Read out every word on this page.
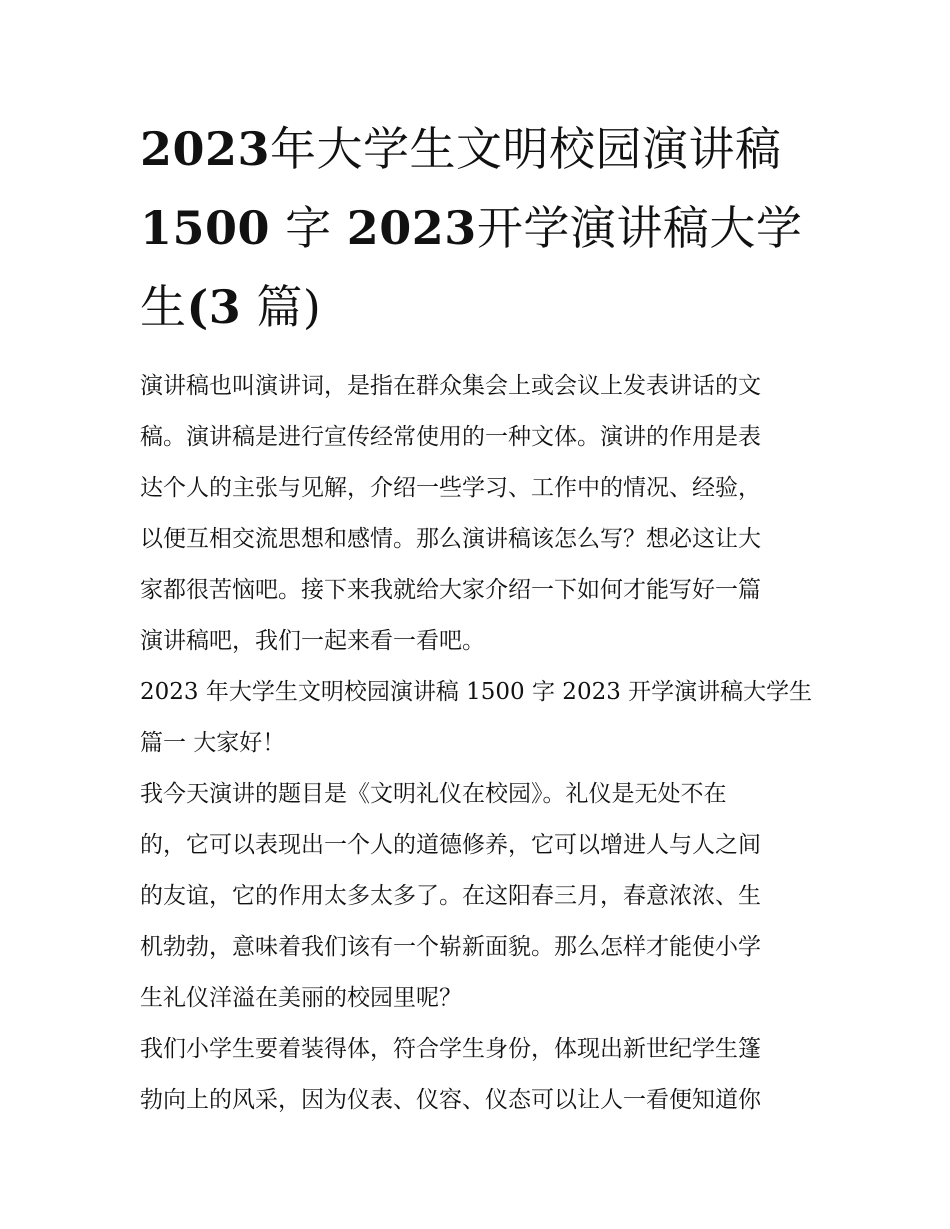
2023年大学生文明校园演讲稿
1500 字 2023开学演讲稿大学
生(3 篇)

演讲稿也叫演讲词，是指在群众集会上或会议上发表讲话的文

稿。演讲稿是进行宣传经常使用的一种文体。演讲的作用是表

达个人的主张与见解，介绍一些学习、工作中的情况、经验，

以便互相交流思想和感情。那么演讲稿该怎么写？想必这让大

家都很苦恼吧。接下来我就给大家介绍一下如何才能写好一篇

演讲稿吧，我们一起来看一看吧。

2023 年大学生文明校园演讲稿 1500 字 2023 开学演讲稿大学生

篇一 大家好！

我今天演讲的题目是《文明礼仪在校园》。礼仪是无处不在

的，它可以表现出一个人的道德修养，它可以增进人与人之间

的友谊，它的作用太多太多了。在这阳春三月，春意浓浓、生

机勃勃，意味着我们该有一个崭新面貌。那么怎样才能使小学

生礼仪洋溢在美丽的校园里呢？

我们小学生要着装得体，符合学生身份，体现出新世纪学生篷

勃向上的风采，因为仪表、仪容、仪态可以让人一看便知道你
